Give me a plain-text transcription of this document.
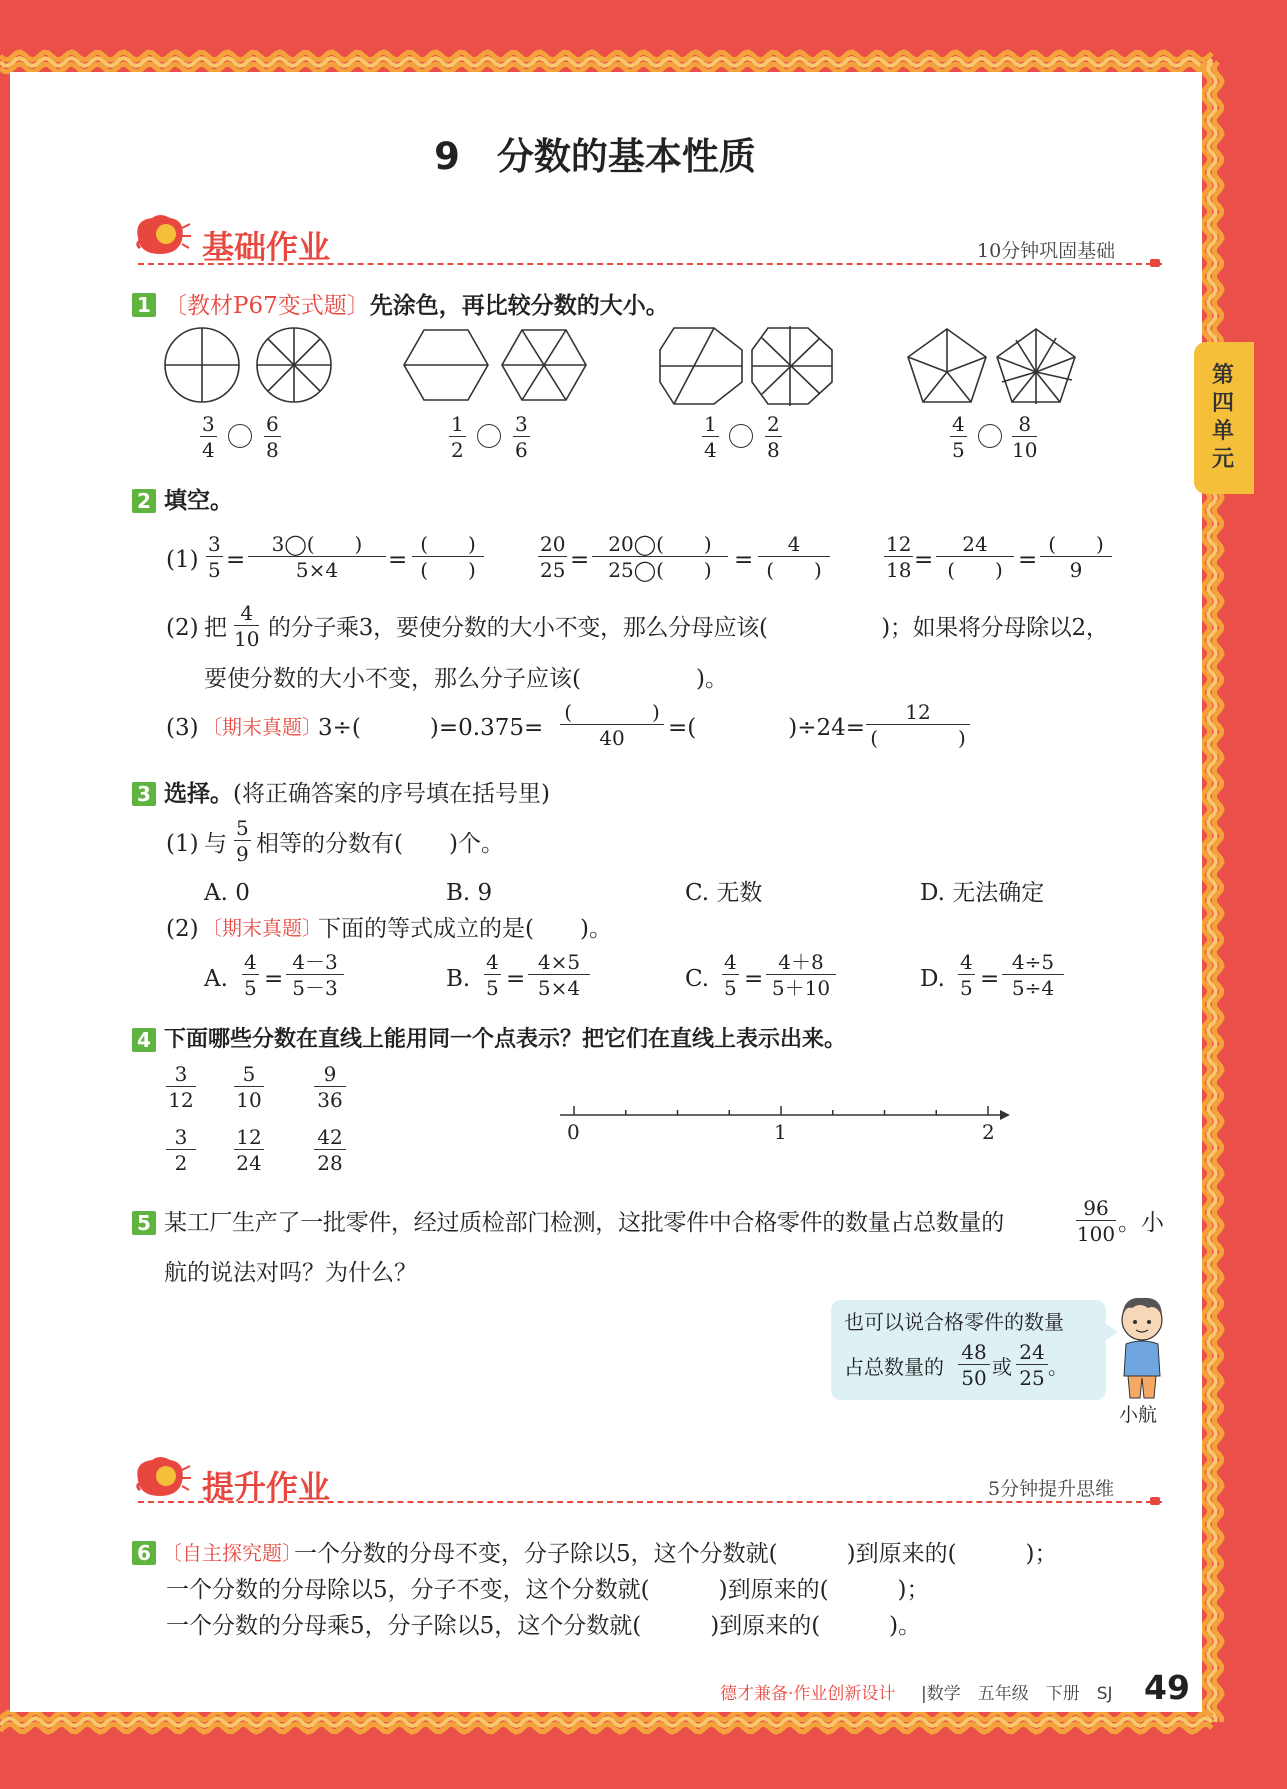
第四单元
9　分数的基本性质
基础作业	10分钟巩固基础
1 〔教材P67变式题〕先涂色，再比较分数的大小。
3
4
6
8
1
2
3
6
1
4
2
8
4
5
8
10
2 填空。
(1)
3
5 =
3◯(　　)
5×4	=
(　　)
(　　)
20
25 =
20◯(　　)
25◯(　　) =
4
(　　)
12
18 =
24
(　　) =
(　　)
9
(2) 把
4
10 的分子乘3，要使分数的大小不变，那么分母应该(　　　　　)；如果将分母除以2，
要使分数的大小不变，那么分子应该(　　　　　)。
(3) 〔期末真题〕
3÷(　　　)=0.375=
(　　　　)
40	=(　　　　)÷24=
12
(　　　　)
3 选择。(将正确答案的序号填在括号里)
(1) 与
5
9 相等的分数有(　　)个。
A. 0	B. 9	C. 无数	D. 无法确定
(2) 〔期末真题〕
下面的等式成立的是(　　)。
A.
4
5 =
4－3
5－3	B.
4
5 =
4×5
5×4	C.
4
5 =
4＋8
5＋10	D.
4
5 =
4÷5
5÷4
4 下面哪些分数在直线上能用同一个点表示？把它们在直线上表示出来。
3
12
5
10
9
36
3
2
12
24
42
28
0	1	2
5 某工厂生产了一批零件，经过质检部门检测，这批零件中合格零件的数量占总数量的
96
100 。小
航的说法对吗？为什么？
也可以说合格零件的数量
占总数量的
48
50 或
24
25 。
小航
提升作业	5分钟提升思维
6 〔自主探究题〕
一个分数的分母不变，分子除以5，这个分数就(　　　)到原来的(　　　)；
一个分数的分母除以5，分子不变，这个分数就(　　　)到原来的(　　　)；
一个分数的分母乘5，分子除以5，这个分数就(　　　)到原来的(　　　)。
德才兼备·作业创新设计 |数学　五年级　下册　SJ 49
